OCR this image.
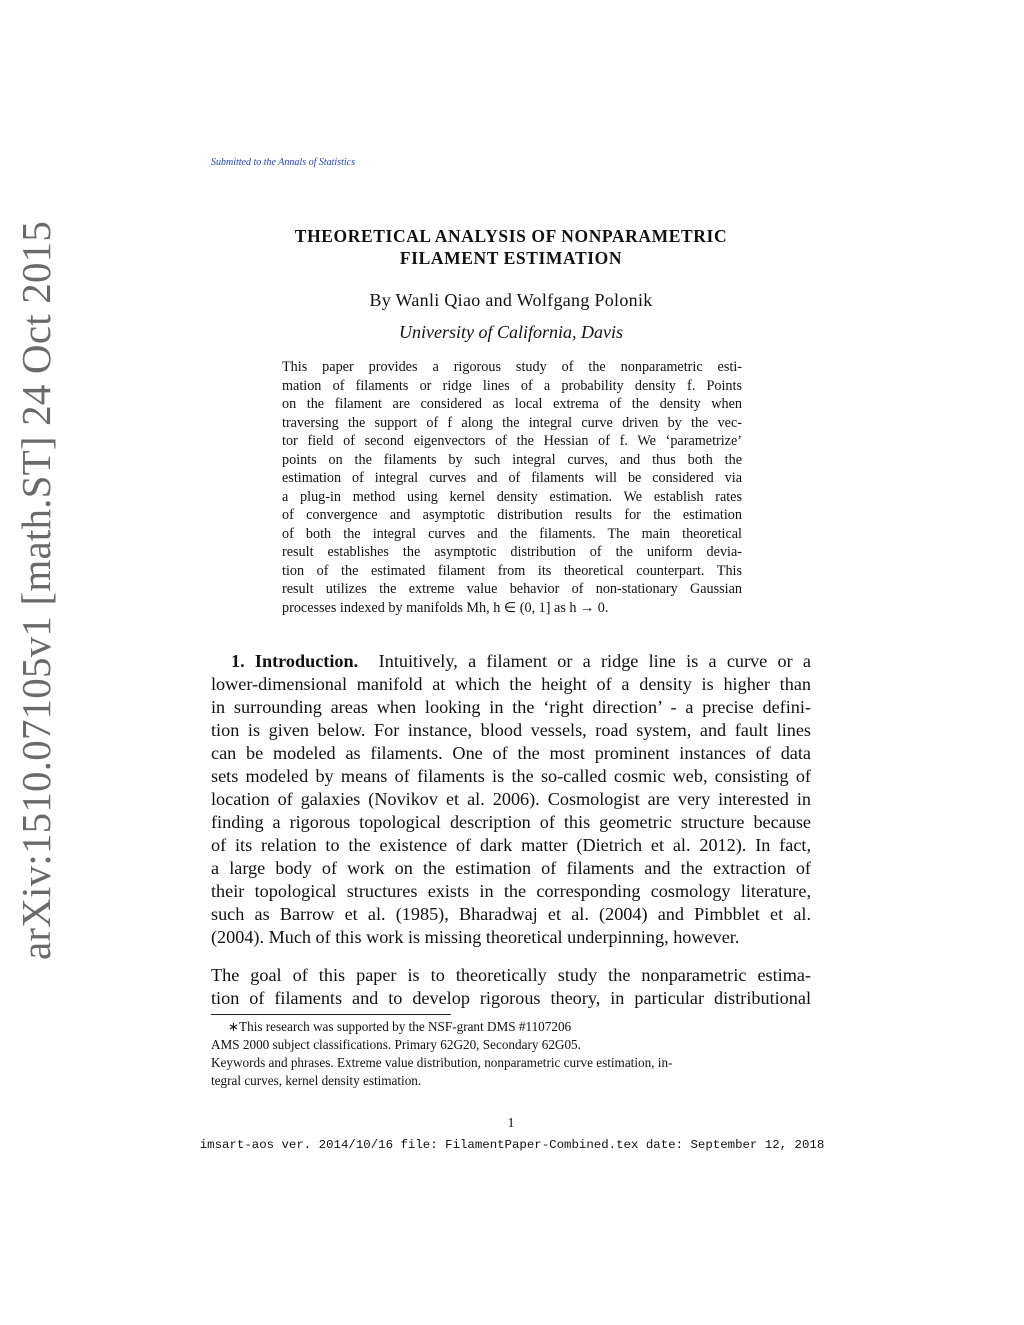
arXiv:1510.07105v1 [math.ST] 24 Oct 2015
Submitted to the Annals of Statistics
THEORETICAL ANALYSIS OF NONPARAMETRIC
FILAMENT ESTIMATION
By Wanli Qiao and Wolfgang Polonik
University of California, Davis
This paper provides a rigorous study of the nonparametric esti-
mation of filaments or ridge lines of a probability density f. Points
on the filament are considered as local extrema of the density when
traversing the support of f along the integral curve driven by the vec-
tor field of second eigenvectors of the Hessian of f. We ‘parametrize’
points on the filaments by such integral curves, and thus both the
estimation of integral curves and of filaments will be considered via
a plug-in method using kernel density estimation. We establish rates
of convergence and asymptotic distribution results for the estimation
of both the integral curves and the filaments. The main theoretical
result establishes the asymptotic distribution of the uniform devia-
tion of the estimated filament from its theoretical counterpart. This
result utilizes the extreme value behavior of non-stationary Gaussian
processes indexed by manifolds Mh, h ∈ (0, 1] as h → 0.
1. Introduction. Intuitively, a filament or a ridge line is a curve or a
lower-dimensional manifold at which the height of a density is higher than
in surrounding areas when looking in the ‘right direction’ - a precise defini-
tion is given below. For instance, blood vessels, road system, and fault lines
can be modeled as filaments. One of the most prominent instances of data
sets modeled by means of filaments is the so-called cosmic web, consisting of
location of galaxies (Novikov et al. 2006). Cosmologist are very interested in
finding a rigorous topological description of this geometric structure because
of its relation to the existence of dark matter (Dietrich et al. 2012). In fact,
a large body of work on the estimation of filaments and the extraction of
their topological structures exists in the corresponding cosmology literature,
such as Barrow et al. (1985), Bharadwaj et al. (2004) and Pimbblet et al.
(2004). Much of this work is missing theoretical underpinning, however.
The goal of this paper is to theoretically study the nonparametric estima-
tion of filaments and to develop rigorous theory, in particular distributional
∗This research was supported by the NSF-grant DMS #1107206
AMS 2000 subject classifications. Primary 62G20, Secondary 62G05.
Keywords and phrases. Extreme value distribution, nonparametric curve estimation, in-
tegral curves, kernel density estimation.
1
imsart-aos ver. 2014/10/16 file: FilamentPaper-Combined.tex date: September 12, 2018
